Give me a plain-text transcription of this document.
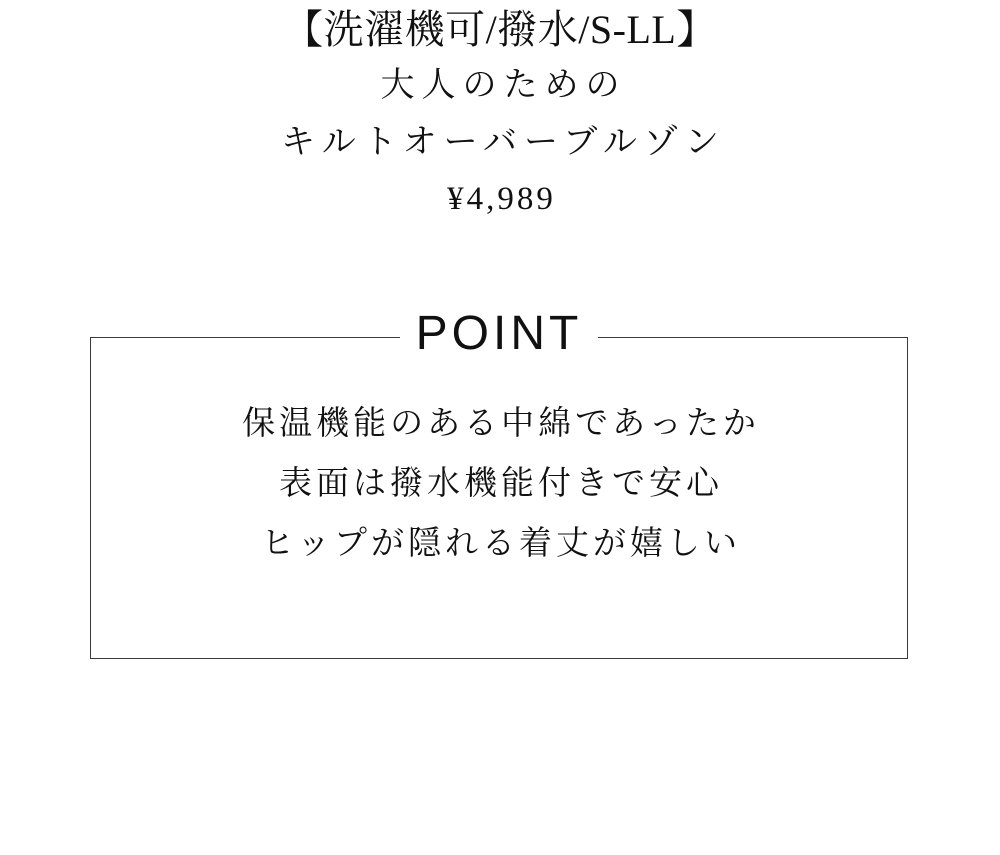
【洗濯機可/撥水/S-LL】
大人のための
キルトオーバーブルゾン
¥4,989
POINT
保温機能のある中綿であったか
表面は撥水機能付きで安心
ヒップが隠れる着丈が嬉しい
